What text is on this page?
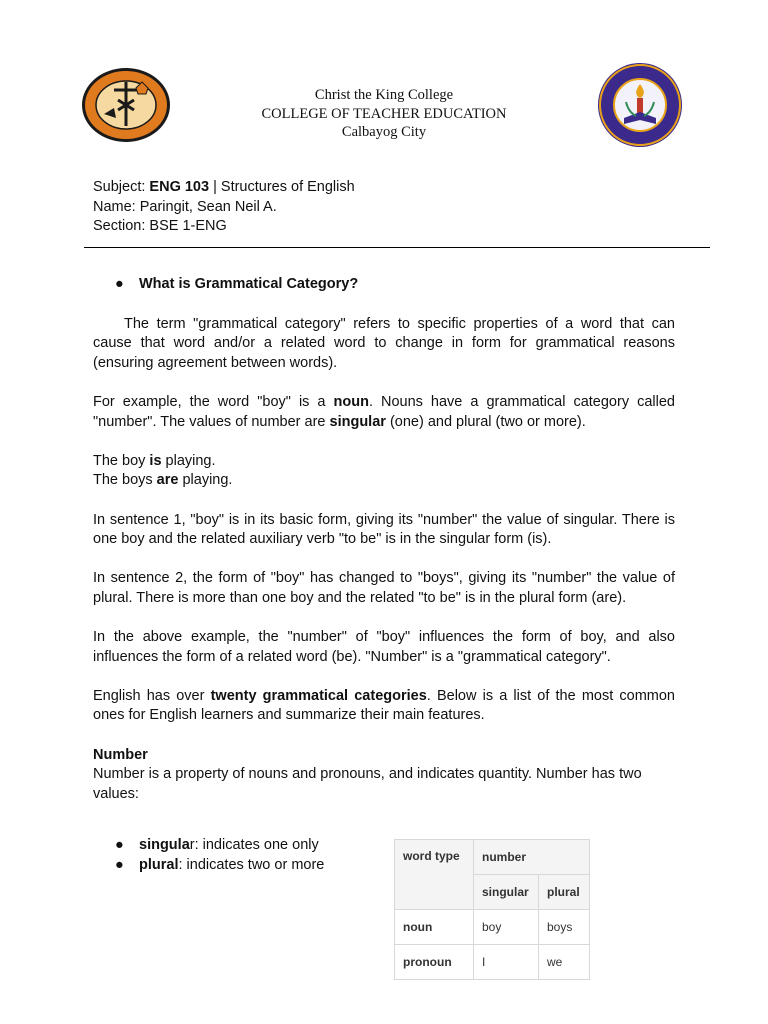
Christ the King College
COLLEGE OF TEACHER EDUCATION
Calbayog City
Subject: ENG 103 | Structures of English
Name: Paringit, Sean Neil A.
Section: BSE 1-ENG
● What is Grammatical Category?

The term "grammatical category" refers to specific properties of a word that can cause that word and/or a related word to change in form for grammatical reasons (ensuring agreement between words).

For example, the word "boy" is a noun. Nouns have a grammatical category called "number". The values of number are singular (one) and plural (two or more).

The boy is playing.

The boys are playing.

In sentence 1, "boy" is in its basic form, giving its "number" the value of singular. There is one boy and the related auxiliary verb "to be" is in the singular form (is).

In sentence 2, the form of "boy" has changed to "boys", giving its "number" the value of plural. There is more than one boy and the related "to be" is in the plural form (are).

In the above example, the "number" of "boy" influences the form of boy, and also influences the form of a related word (be). "Number" is a "grammatical category".

English has over twenty grammatical categories. Below is a list of the most common ones for English learners and summarize their main features.

Number

Number is a property of nouns and pronouns, and indicates quantity. Number has two values:

● singular: indicates one only
● plural: indicates two or more
word type	number	
	singular	plural
noun	boy	boys
pronoun	I	we
